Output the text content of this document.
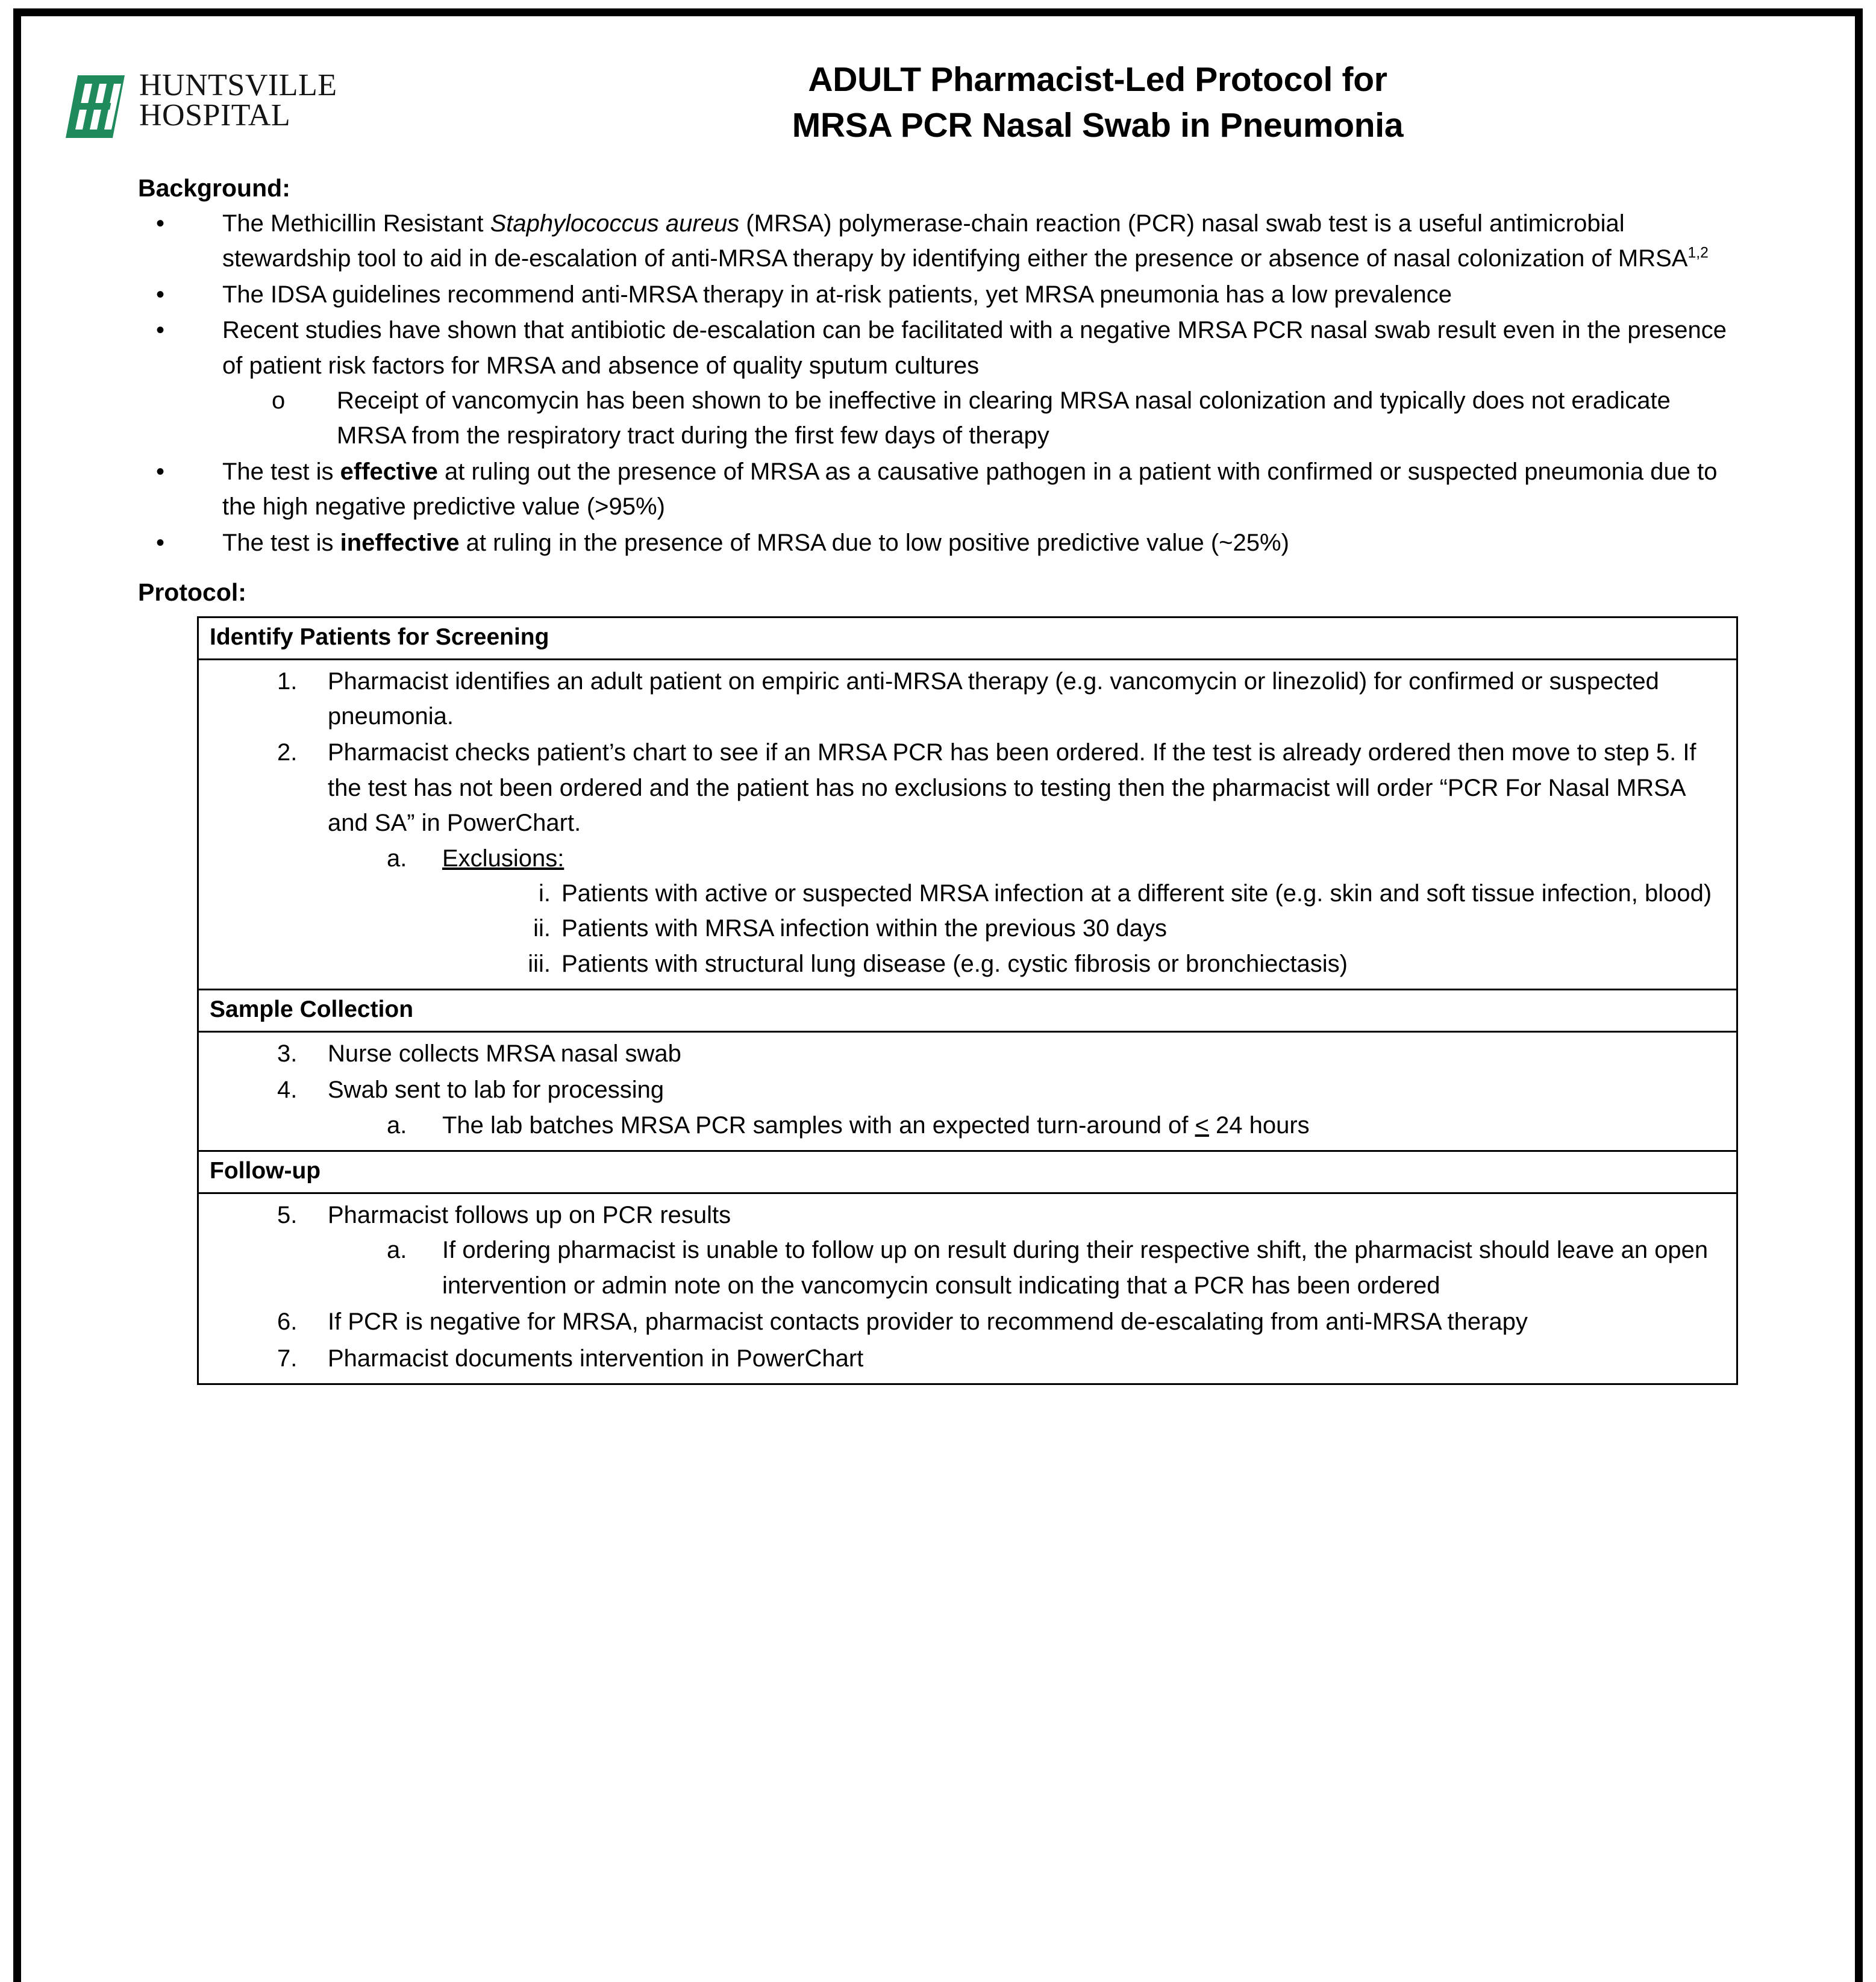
HUNTSVILLE
HOSPITAL
ADULT Pharmacist-Led Protocol for
MRSA PCR Nasal Swab in Pneumonia
Background:
• The Methicillin Resistant Staphylococcus aureus (MRSA) polymerase-chain reaction (PCR) nasal swab test is a useful antimicrobial stewardship tool to aid in de-escalation of anti-MRSA therapy by identifying either the presence or absence of nasal colonization of MRSA$^{1,2}$
• The IDSA guidelines recommend anti-MRSA therapy in at-risk patients, yet MRSA pneumonia has a low prevalence
• Recent studies have shown that antibiotic de-escalation can be facilitated with a negative MRSA PCR nasal swab result even in the presence of patient risk factors for MRSA and absence of quality sputum cultures
o Receipt of vancomycin has been shown to be ineffective in clearing MRSA nasal colonization and typically does not eradicate MRSA from the respiratory tract during the first few days of therapy
• The test is effective at ruling out the presence of MRSA as a causative pathogen in a patient with confirmed or suspected pneumonia due to the high negative predictive value (>95%)
• The test is ineffective at ruling in the presence of MRSA due to low positive predictive value (~25%)
Protocol:
Identify Patients for Screening
1.	Pharmacist identifies an adult patient on empiric anti-MRSA therapy (e.g. vancomycin or linezolid) for confirmed or suspected pneumonia.
2.	Pharmacist checks patient’s chart to see if an MRSA PCR has been ordered. If the test is already ordered then move to step 5. If the test has not been ordered and the patient has no exclusions to testing then the pharmacist will order “PCR For Nasal MRSA and SA” in PowerChart.
a.	Exclusions:
i. Patients with active or suspected MRSA infection at a different site (e.g. skin and soft tissue infection, blood)
ii. Patients with MRSA infection within the previous 30 days
iii. Patients with structural lung disease (e.g. cystic fibrosis or bronchiectasis)
Sample Collection
3.	Nurse collects MRSA nasal swab
4.	Swab sent to lab for processing
a.	The lab batches MRSA PCR samples with an expected turn-around of < 24 hours
Follow-up
5.	Pharmacist follows up on PCR results
a.	If ordering pharmacist is unable to follow up on result during their respective shift, the pharmacist should leave an open intervention or admin note on the vancomycin consult indicating that a PCR has been ordered
6.	If PCR is negative for MRSA, pharmacist contacts provider to recommend de-escalating from anti-MRSA therapy
7.	Pharmacist documents intervention in PowerChart
